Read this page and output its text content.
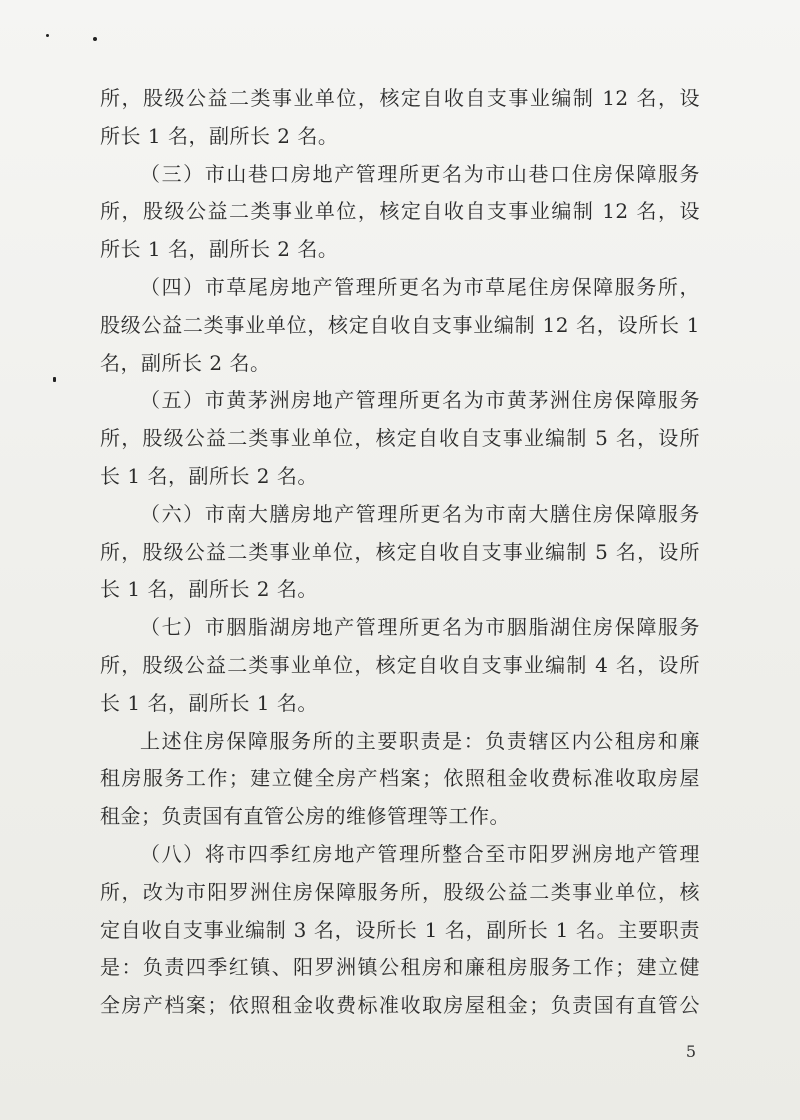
所，股级公益二类事业单位，核定自收自支事业编制 12 名，设
所长 1 名，副所长 2 名。
（三）市山巷口房地产管理所更名为市山巷口住房保障服务
所，股级公益二类事业单位，核定自收自支事业编制 12 名，设
所长 1 名，副所长 2 名。
（四）市草尾房地产管理所更名为市草尾住房保障服务所，
股级公益二类事业单位，核定自收自支事业编制 12 名，设所长 1
名，副所长 2 名。
（五）市黄茅洲房地产管理所更名为市黄茅洲住房保障服务
所，股级公益二类事业单位，核定自收自支事业编制 5 名，设所
长 1 名，副所长 2 名。
（六）市南大膳房地产管理所更名为市南大膳住房保障服务
所，股级公益二类事业单位，核定自收自支事业编制 5 名，设所
长 1 名，副所长 2 名。
（七）市胭脂湖房地产管理所更名为市胭脂湖住房保障服务
所，股级公益二类事业单位，核定自收自支事业编制 4 名，设所
长 1 名，副所长 1 名。
上述住房保障服务所的主要职责是：负责辖区内公租房和廉
租房服务工作；建立健全房产档案；依照租金收费标准收取房屋
租金；负责国有直管公房的维修管理等工作。
（八）将市四季红房地产管理所整合至市阳罗洲房地产管理
所，改为市阳罗洲住房保障服务所，股级公益二类事业单位，核
定自收自支事业编制 3 名，设所长 1 名，副所长 1 名。主要职责
是：负责四季红镇、阳罗洲镇公租房和廉租房服务工作；建立健
全房产档案；依照租金收费标准收取房屋租金；负责国有直管公
5
